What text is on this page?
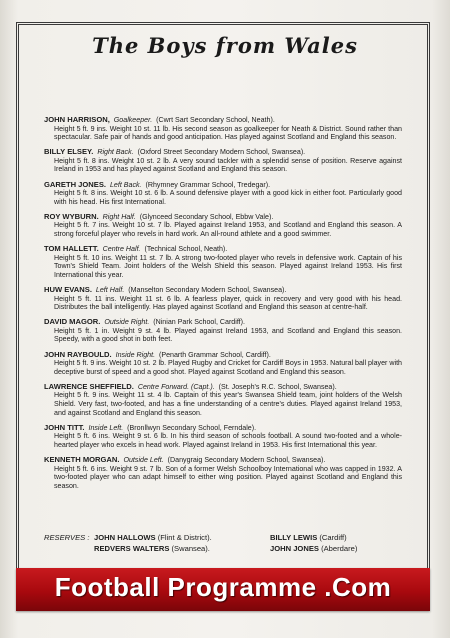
The Boys from Wales
JOHN HARRISON, Goalkeeper. (Cwrt Sart Secondary School, Neath).
Height 5 ft. 9 ins. Weight 10 st. 11 lb. His second season as goalkeeper for Neath & District. Sound rather than spectacular. Safe pair of hands and good anticipation. Has played against Scotland and England this season.
BILLY ELSEY. Right Back. (Oxford Street Secondary Modern School, Swansea).
Height 5 ft. 8 ins. Weight 10 st. 2 lb. A very sound tackler with a splendid sense of position. Reserve against Ireland in 1953 and has played against Scotland and England this season.
GARETH JONES. Left Back. (Rhymney Grammar School, Tredegar).
Height 5 ft. 8 ins. Weight 10 st. 6 lb. A sound defensive player with a good kick in either foot. Particularly good with his head. His first International.
ROY WYBURN. Right Half. (Glynceed Secondary School, Ebbw Vale).
Height 5 ft. 7 ins. Weight 10 st. 7 lb. Played against Ireland 1953, and Scotland and England this season. A strong forceful player who revels in hard work. An all-round athlete and a good swimmer.
TOM HALLETT. Centre Half. (Technical School, Neath).
Height 5 ft. 10 ins. Weight 11 st. 7 lb. A strong two-footed player who revels in defensive work. Captain of his Town's Shield Team. Joint holders of the Welsh Shield this season. Played against Ireland 1953. His first International this year.
HUW EVANS. Left Half. (Manselton Secondary Modern School, Swansea).
Height 5 ft. 11 ins. Weight 11 st. 6 lb. A fearless player, quick in recovery and very good with his head. Distributes the ball intelligently. Has played against Scotland and England this season at centre-half.
DAVID MAGOR. Outside Right. (Ninian Park School, Cardiff).
Height 5 ft. 1 in. Weight 9 st. 4 lb. Played against Ireland 1953, and Scotland and England this season. Speedy, with a good shot in both feet.
JOHN RAYBOULD. Inside Right. (Penarth Grammar School, Cardiff).
Height 5 ft. 9 ins. Weight 10 st. 2 lb. Played Rugby and Cricket for Cardiff Boys in 1953. Natural ball player with deceptive burst of speed and a good shot. Played against Scotland and England this season.
LAWRENCE SHEFFIELD. Centre Forward. (Capt.). (St. Joseph's R.C. School, Swansea).
Height 5 ft. 9 ins. Weight 11 st. 4 lb. Captain of this year's Swansea Shield team, joint holders of the Welsh Shield. Very fast, two-footed, and has a fine understanding of a centre's duties. Played against Ireland 1953, and against Scotland and England this season.
JOHN TITT. Inside Left. (Bronllwyn Secondary School, Ferndale).
Height 5 ft. 6 ins. Weight 9 st. 6 lb. In his third season of schools football. A sound two-footed and a whole-hearted player who excels in head work. Played against Ireland in 1953. His first International this year.
KENNETH MORGAN. Outside Left. (Danygraig Secondary Modern School, Swansea).
Height 5 ft. 6 ins. Weight 9 st. 7 lb. Son of a former Welsh Schoolboy International who was capped in 1932. A two-footed player who can adapt himself to either wing position. Played against Scotland and England this season.
RESERVES : JOHN HALLOWS (Flint & District).
REDVERS WALTERS (Swansea).
BILLY LEWIS (Cardiff)
JOHN JONES (Aberdare)
Football Programme .Com
